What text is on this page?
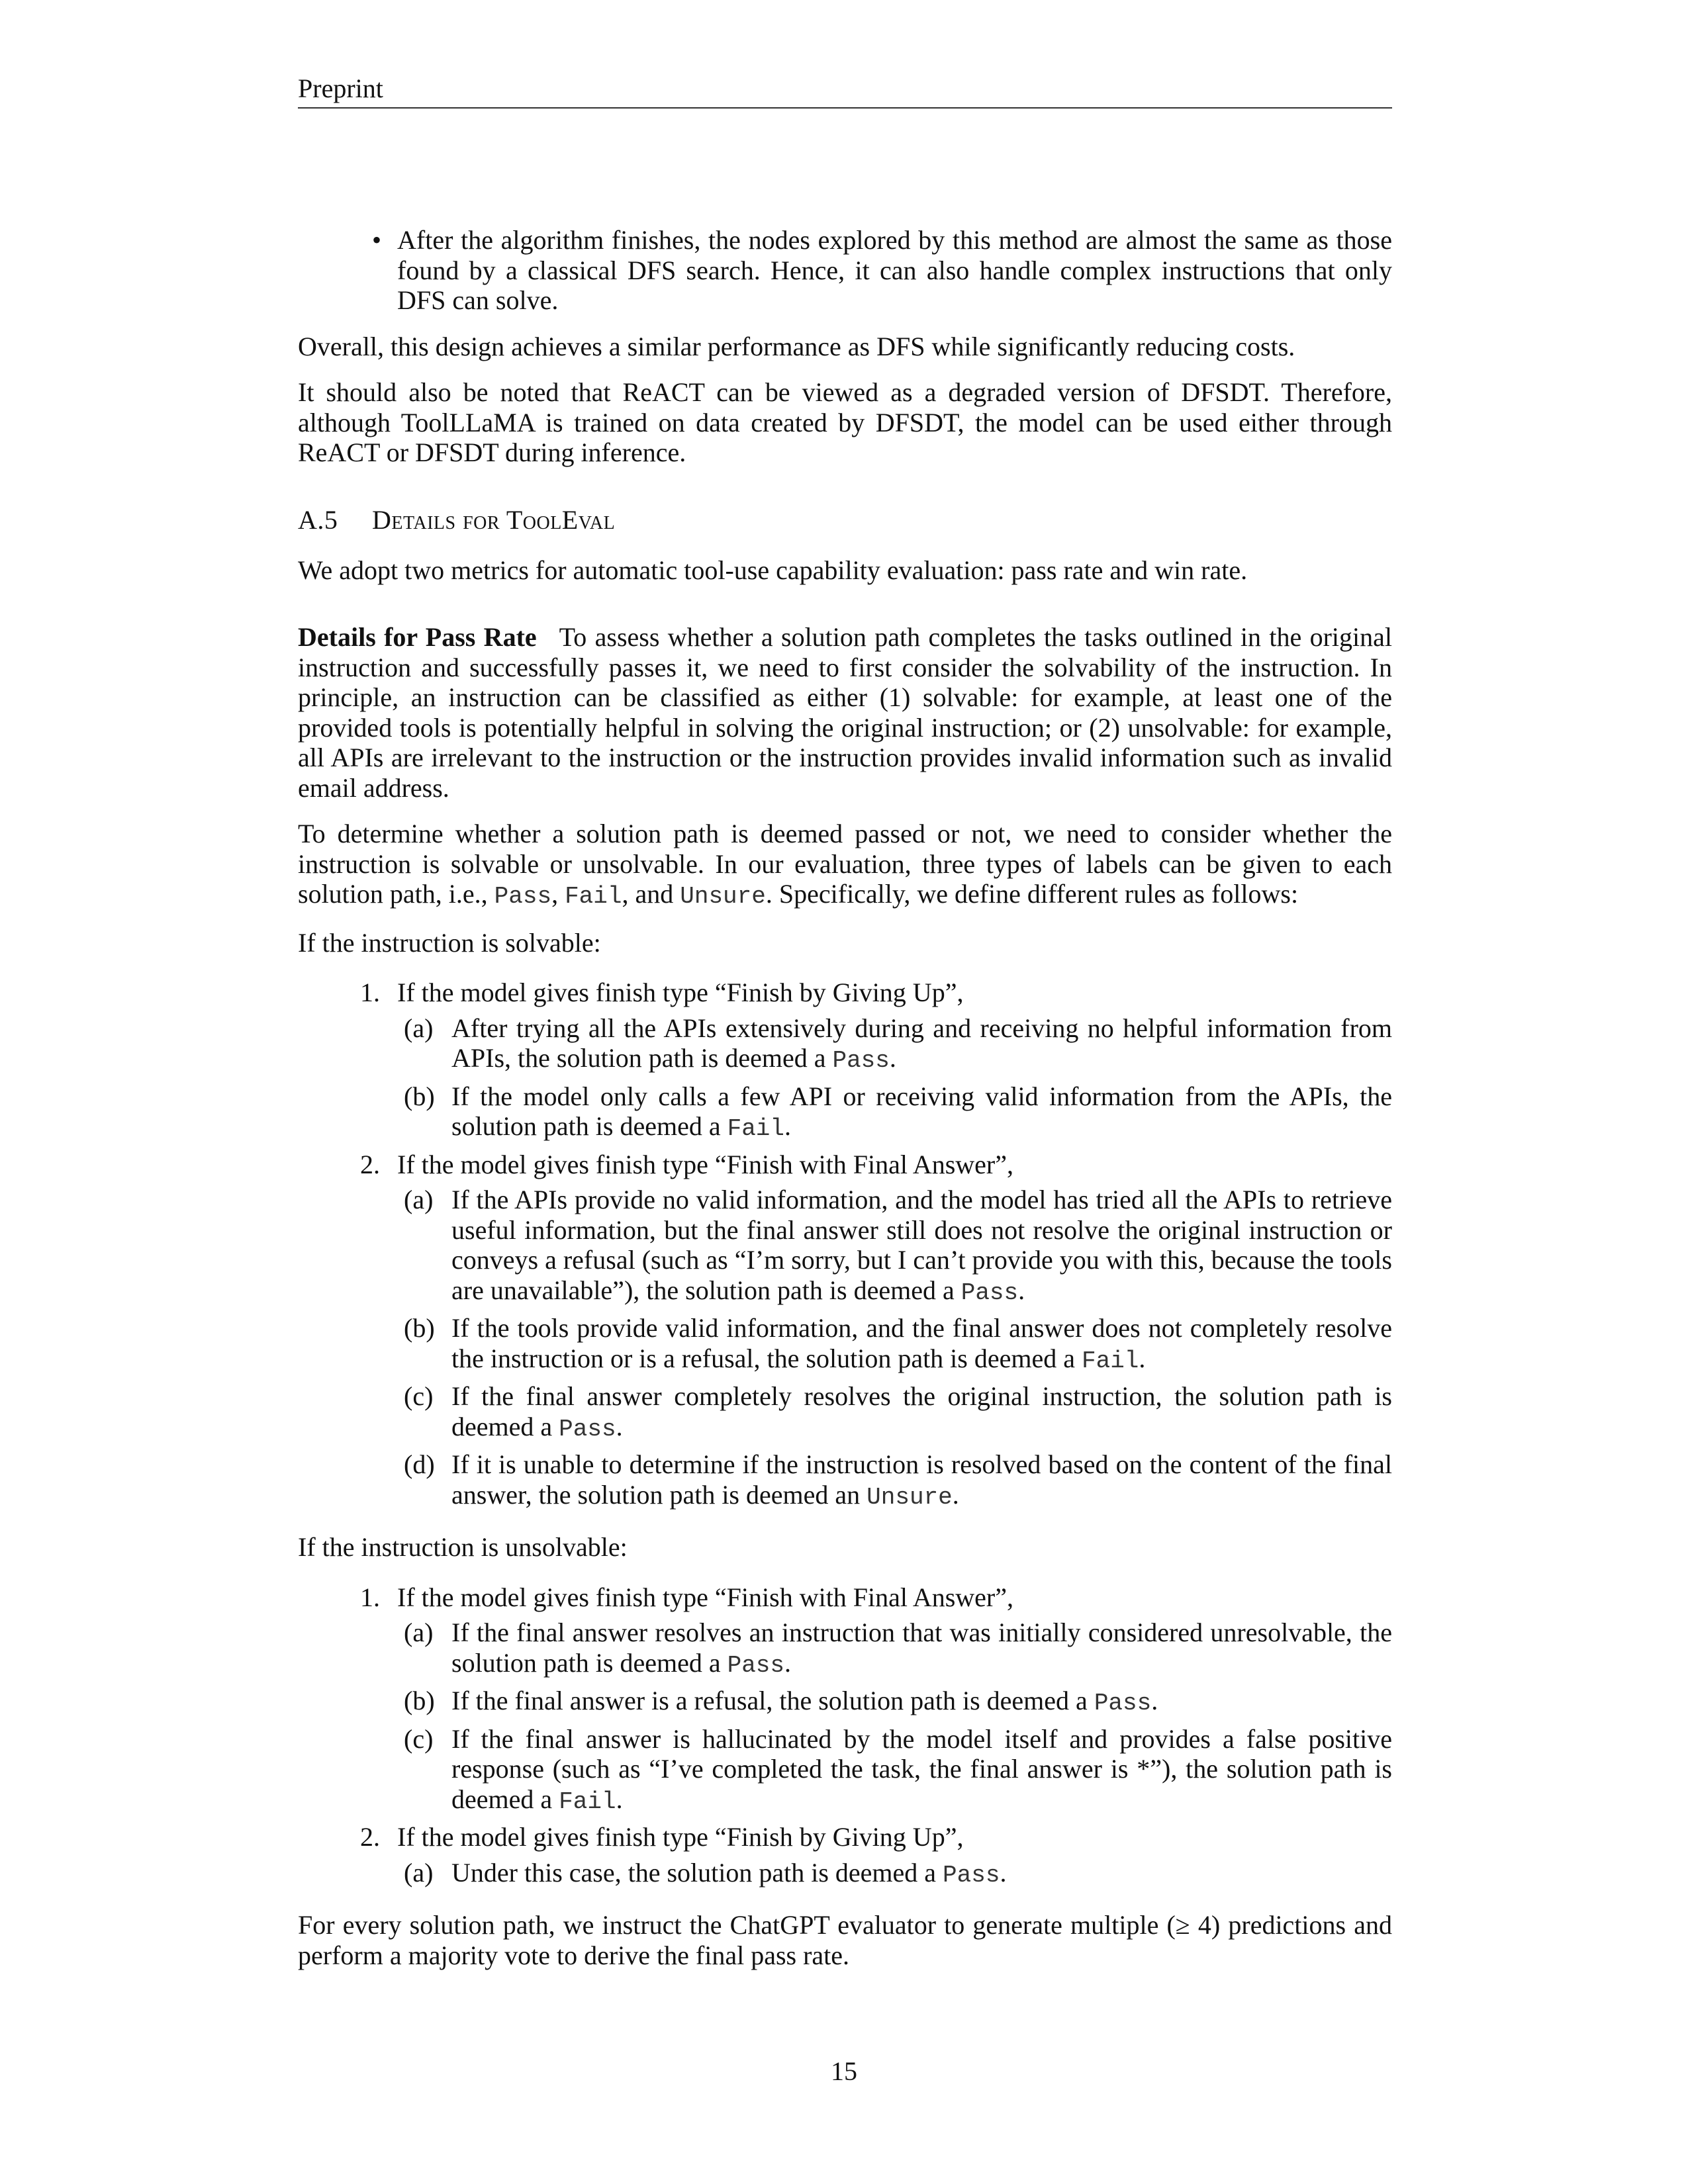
Preprint
• After the algorithm finishes, the nodes explored by this method are almost the same as those found by a classical DFS search. Hence, it can also handle complex instructions that only DFS can solve.

Overall, this design achieves a similar performance as DFS while significantly reducing costs.

It should also be noted that ReACT can be viewed as a degraded version of DFSDT. Therefore, although ToolLLaMA is trained on data created by DFSDT, the model can be used either through ReACT or DFSDT during inference.

A.5 Details for ToolEval

We adopt two metrics for automatic tool-use capability evaluation: pass rate and win rate.

Details for Pass Rate To assess whether a solution path completes the tasks outlined in the original instruction and successfully passes it, we need to first consider the solvability of the instruction. In principle, an instruction can be classified as either (1) solvable: for example, at least one of the provided tools is potentially helpful in solving the original instruction; or (2) unsolvable: for example, all APIs are irrelevant to the instruction or the instruction provides invalid information such as invalid email address.

To determine whether a solution path is deemed passed or not, we need to consider whether the instruction is solvable or unsolvable. In our evaluation, three types of labels can be given to each solution path, i.e., Pass, Fail, and Unsure. Specifically, we define different rules as follows:

If the instruction is solvable:

1. If the model gives finish type “Finish by Giving Up”,
(a) After trying all the APIs extensively during and receiving no helpful information from APIs, the solution path is deemed a Pass.
(b) If the model only calls a few API or receiving valid information from the APIs, the solution path is deemed a Fail.
2. If the model gives finish type “Finish with Final Answer”,
(a) If the APIs provide no valid information, and the model has tried all the APIs to retrieve useful information, but the final answer still does not resolve the original instruction or conveys a refusal (such as “I’m sorry, but I can’t provide you with this, because the tools are unavailable”), the solution path is deemed a Pass.
(b) If the tools provide valid information, and the final answer does not completely resolve the instruction or is a refusal, the solution path is deemed a Fail.
(c) If the final answer completely resolves the original instruction, the solution path is deemed a Pass.
(d) If it is unable to determine if the instruction is resolved based on the content of the final answer, the solution path is deemed an Unsure.

If the instruction is unsolvable:

1. If the model gives finish type “Finish with Final Answer”,
(a) If the final answer resolves an instruction that was initially considered unresolvable, the solution path is deemed a Pass.
(b) If the final answer is a refusal, the solution path is deemed a Pass.
(c) If the final answer is hallucinated by the model itself and provides a false positive response (such as “I’ve completed the task, the final answer is *”), the solution path is deemed a Fail.
2. If the model gives finish type “Finish by Giving Up”,
(a) Under this case, the solution path is deemed a Pass.

For every solution path, we instruct the ChatGPT evaluator to generate multiple (≥ 4) predictions and perform a majority vote to derive the final pass rate.

15
